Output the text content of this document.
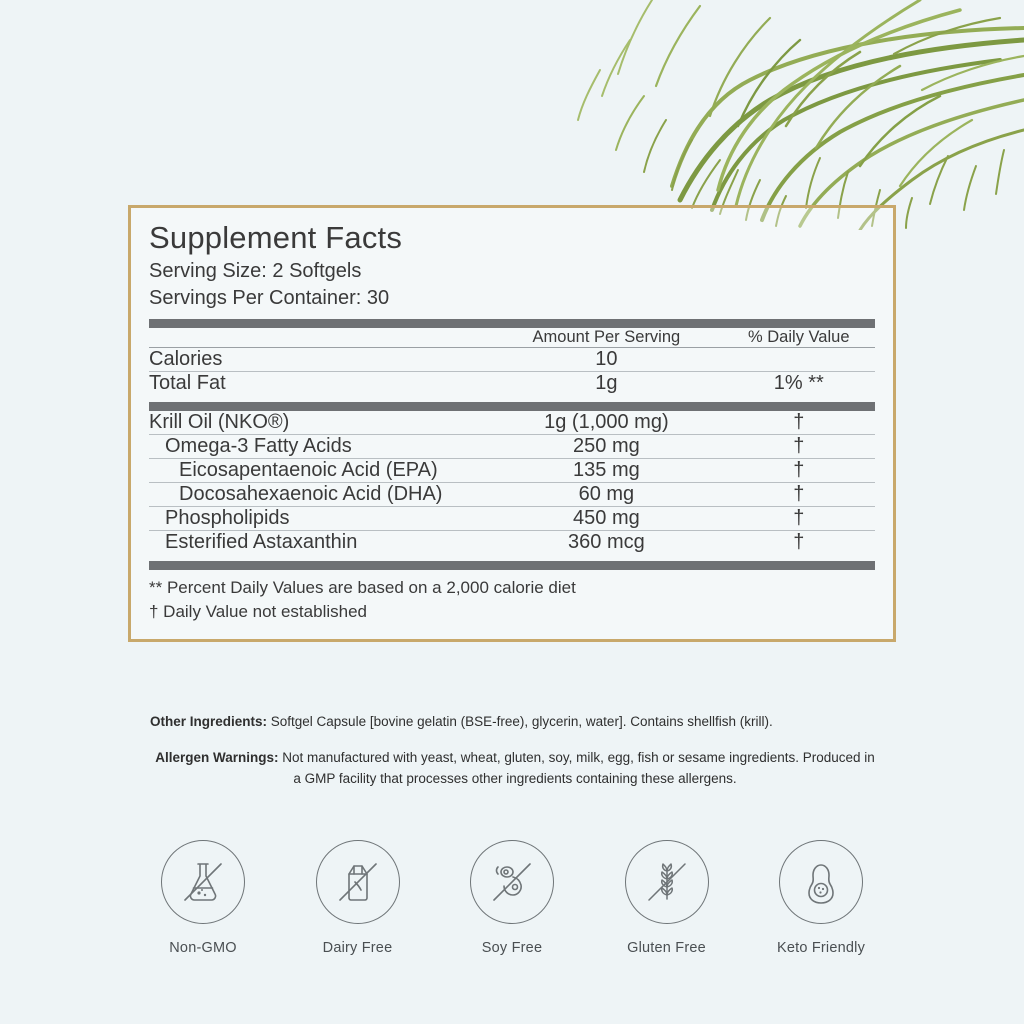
Supplement Facts
Serving Size: 2 Softgels
Servings Per Container: 30
	Amount Per Serving	% Daily Value
Calories	10	
Total Fat	1g	1% **
Krill Oil (NKO®)	1g (1,000 mg)	†
Omega-3 Fatty Acids	250 mg	†
Eicosapentaenoic Acid (EPA)	135 mg	†
Docosahexaenoic Acid (DHA)	60 mg	†
Phospholipids	450 mg	†
Esterified Astaxanthin	360 mcg	†
** Percent Daily Values are based on a 2,000 calorie diet
† Daily Value not established

Other Ingredients: Softgel Capsule [bovine gelatin (BSE-free), glycerin, water]. Contains shellfish (krill).

Allergen Warnings: Not manufactured with yeast, wheat, gluten, soy, milk, egg, fish or sesame ingredients. Produced in a GMP facility that processes other ingredients containing these allergens.

Non-GMO	Dairy Free	Soy Free	Gluten Free	Keto Friendly
